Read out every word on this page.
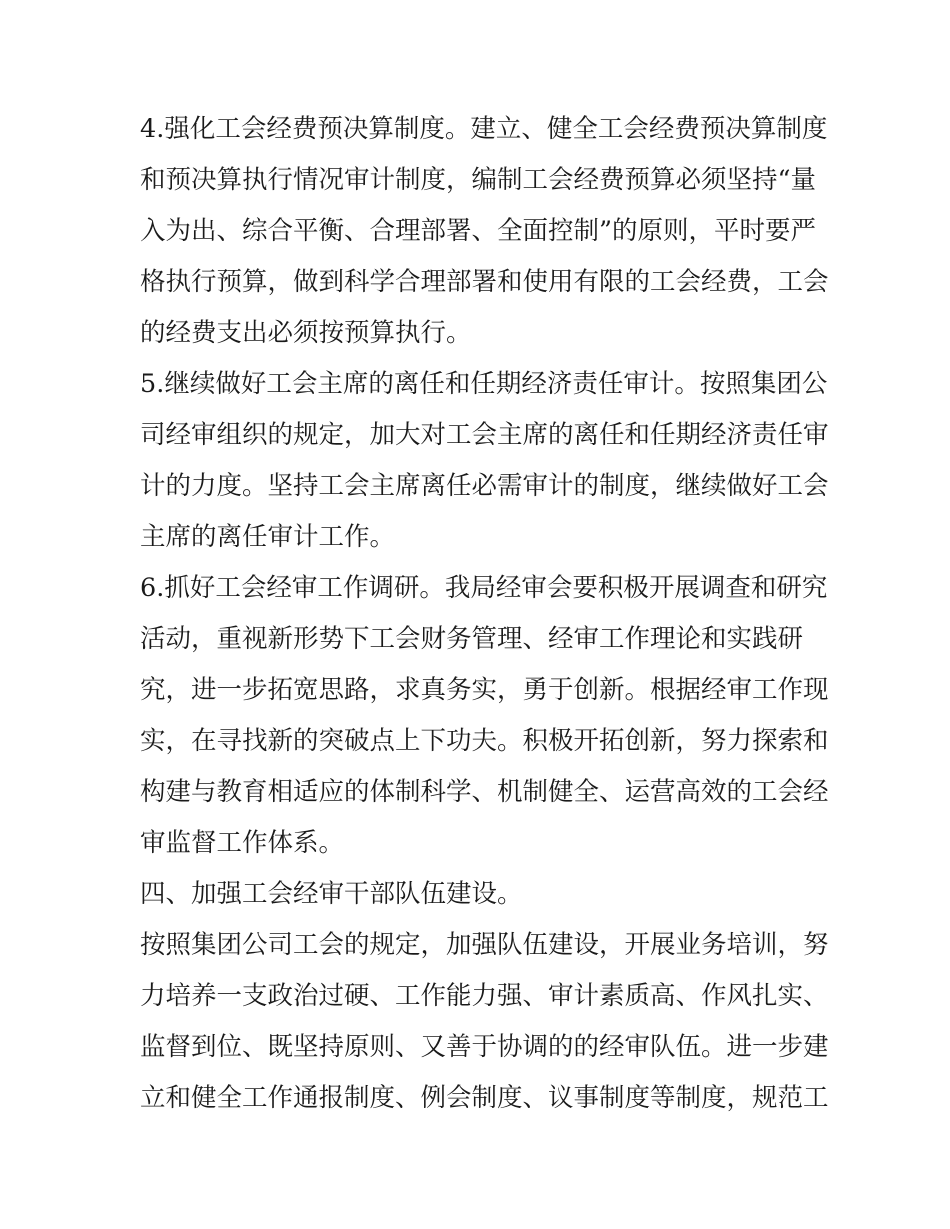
4.强化工会经费预决算制度。建立、健全工会经费预决算制度
和预决算执行情况审计制度，编制工会经费预算必须坚持“量
入为出、综合平衡、合理部署、全面控制”的原则，平时要严
格执行预算，做到科学合理部署和使用有限的工会经费，工会
的经费支出必须按预算执行。
5.继续做好工会主席的离任和任期经济责任审计。按照集团公
司经审组织的规定，加大对工会主席的离任和任期经济责任审
计的力度。坚持工会主席离任必需审计的制度，继续做好工会
主席的离任审计工作。
6.抓好工会经审工作调研。我局经审会要积极开展调查和研究
活动，重视新形势下工会财务管理、经审工作理论和实践研
究，进一步拓宽思路，求真务实，勇于创新。根据经审工作现
实，在寻找新的突破点上下功夫。积极开拓创新，努力探索和
构建与教育相适应的体制科学、机制健全、运营高效的工会经
审监督工作体系。
四、加强工会经审干部队伍建设。
按照集团公司工会的规定，加强队伍建设，开展业务培训，努
力培养一支政治过硬、工作能力强、审计素质高、作风扎实、
监督到位、既坚持原则、又善于协调的的经审队伍。进一步建
立和健全工作通报制度、例会制度、议事制度等制度，规范工
